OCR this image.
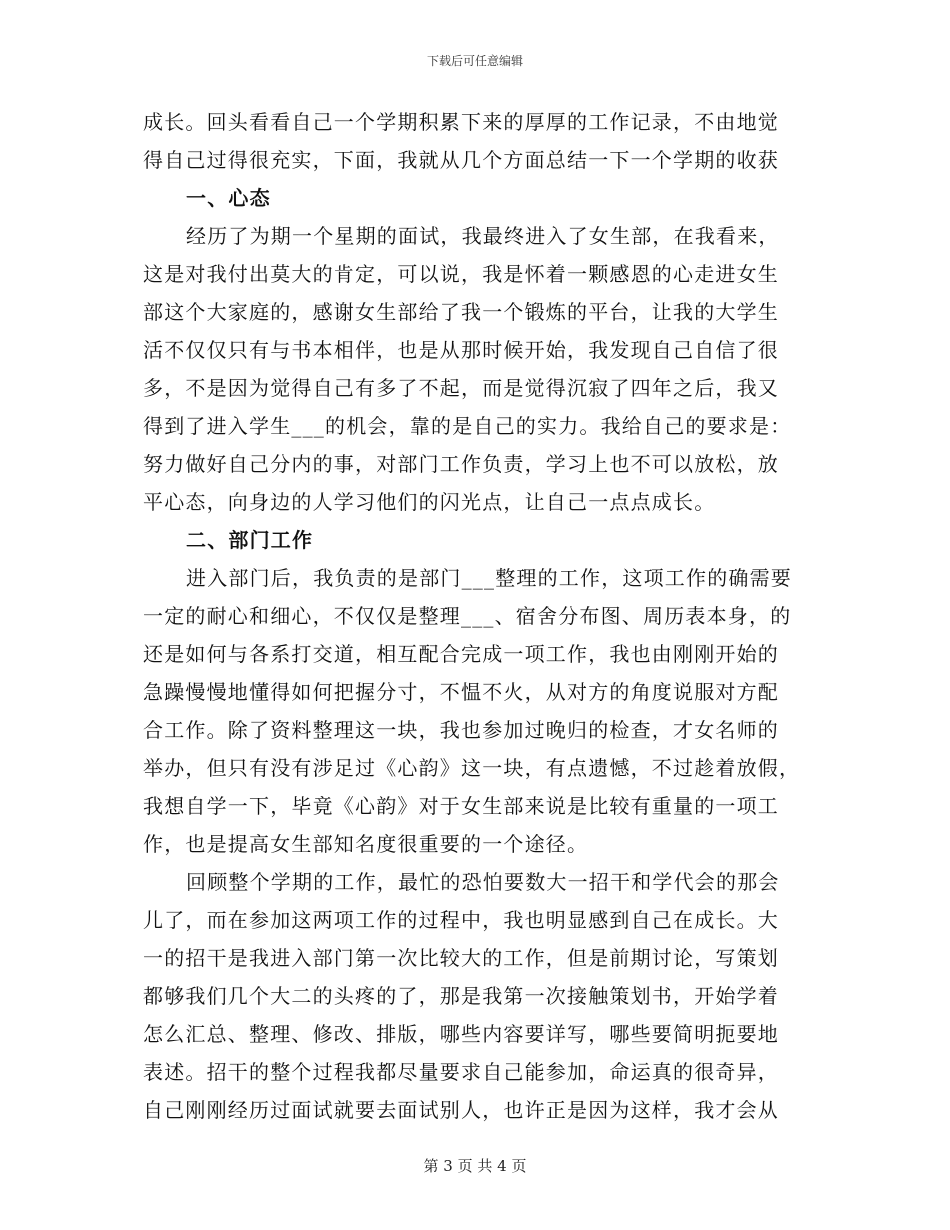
下载后可任意编辑
成长。回头看看自己一个学期积累下来的厚厚的工作记录，不由地觉
得自己过得很充实，下面，我就从几个方面总结一下一个学期的收获
一、心态
经历了为期一个星期的面试，我最终进入了女生部，在我看来，
这是对我付出莫大的肯定，可以说，我是怀着一颗感恩的心走进女生
部这个大家庭的，感谢女生部给了我一个锻炼的平台，让我的大学生
活不仅仅只有与书本相伴，也是从那时候开始，我发现自己自信了很
多，不是因为觉得自己有多了不起，而是觉得沉寂了四年之后，我又
得到了进入学生___的机会，靠的是自己的实力。我给自己的要求是：
努力做好自己分内的事，对部门工作负责，学习上也不可以放松，放
平心态，向身边的人学习他们的闪光点，让自己一点点成长。
二、部门工作
进入部门后，我负责的是部门___整理的工作，这项工作的确需要
一定的耐心和细心，不仅仅是整理___、宿舍分布图、周历表本身，的
还是如何与各系打交道，相互配合完成一项工作，我也由刚刚开始的
急躁慢慢地懂得如何把握分寸，不愠不火，从对方的角度说服对方配
合工作。除了资料整理这一块，我也参加过晚归的检查，才女名师的
举办，但只有没有涉足过《心韵》这一块，有点遗憾，不过趁着放假，
我想自学一下，毕竟《心韵》对于女生部来说是比较有重量的一项工
作，也是提高女生部知名度很重要的一个途径。
回顾整个学期的工作，最忙的恐怕要数大一招干和学代会的那会
儿了，而在参加这两项工作的过程中，我也明显感到自己在成长。大
一的招干是我进入部门第一次比较大的工作，但是前期讨论，写策划
都够我们几个大二的头疼的了，那是我第一次接触策划书，开始学着
怎么汇总、整理、修改、排版，哪些内容要详写，哪些要简明扼要地
表述。招干的整个过程我都尽量要求自己能参加，命运真的很奇异，
自己刚刚经历过面试就要去面试别人，也许正是因为这样，我才会从
第 3 页 共 4 页
